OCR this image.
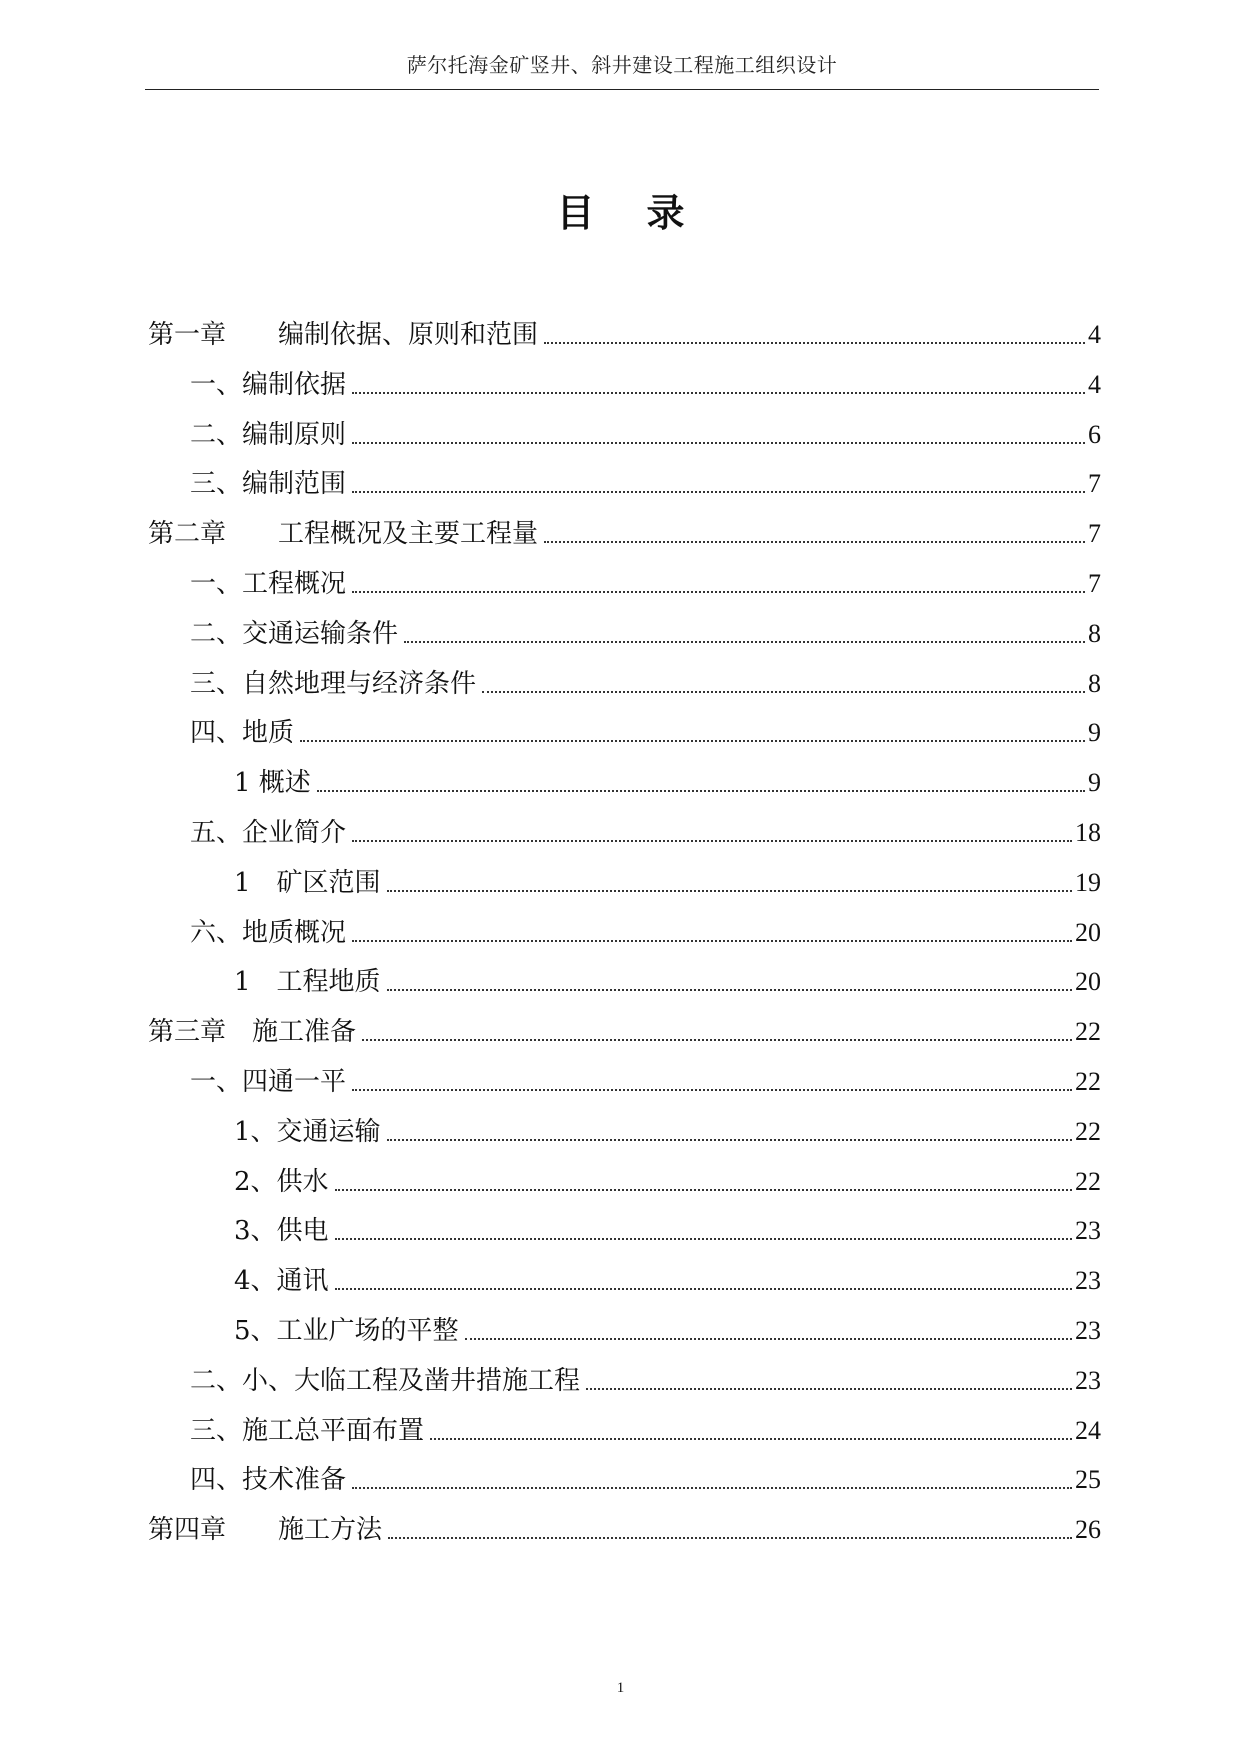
萨尔托海金矿竖井、斜井建设工程施工组织设计
目 录
第一章　　编制依据、原则和范围	4
一、编制依据	4
二、编制原则	6
三、编制范围	7
第二章　　工程概况及主要工程量	7
一、工程概况	7
二、交通运输条件	8
三、自然地理与经济条件	8
四、地质	9
1 概述	9
五、企业简介	18
1　矿区范围	19
六、地质概况	20
1　工程地质	20
第三章　施工准备	22
一、四通一平	22
1、交通运输	22
2、供水	22
3、供电	23
4、通讯	23
5、工业广场的平整	23
二、小、大临工程及凿井措施工程	23
三、施工总平面布置	24
四、技术准备	25
第四章　　施工方法	26
1
